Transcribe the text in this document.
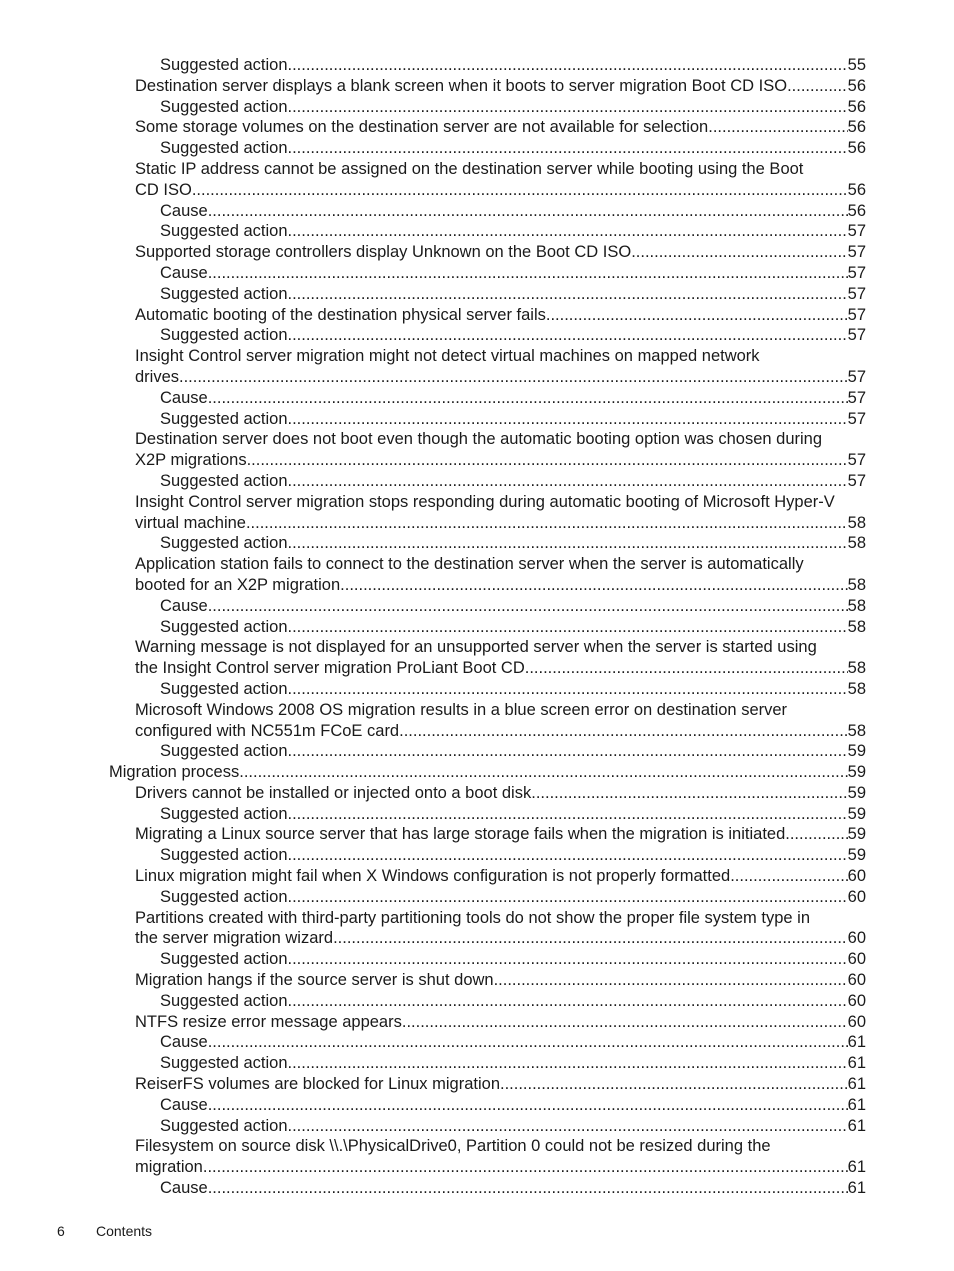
Suggested action .....	55
Destination server displays a blank screen when it boots to server migration Boot CD ISO .....	56
Suggested action .....	56
Some storage volumes on the destination server are not available for selection .....	56
Suggested action .....	56
Static IP address cannot be assigned on the destination server while booting using the Boot
CD ISO .....	56
Cause .....	56
Suggested action .....	57
Supported storage controllers display Unknown on the Boot CD ISO .....	57
Cause .....	57
Suggested action .....	57
Automatic booting of the destination physical server fails .....	57
Suggested action .....	57
Insight Control server migration might not detect virtual machines on mapped network
drives .....	57
Cause .....	57
Suggested action .....	57
Destination server does not boot even though the automatic booting option was chosen during
X2P migrations .....	57
Suggested action .....	57
Insight Control server migration stops responding during automatic booting of Microsoft Hyper-V
virtual machine .....	58
Suggested action .....	58
Application station fails to connect to the destination server when the server is automatically
booted for an X2P migration .....	58
Cause .....	58
Suggested action .....	58
Warning message is not displayed for an unsupported server when the server is started using
the Insight Control server migration ProLiant Boot CD .....	58
Suggested action .....	58
Microsoft Windows 2008 OS migration results in a blue screen error on destination server
configured with NC551m FCoE card .....	58
Suggested action .....	59
Migration process .....	59
Drivers cannot be installed or injected onto a boot disk .....	59
Suggested action .....	59
Migrating a Linux source server that has large storage fails when the migration is initiated .....	59
Suggested action .....	59
Linux migration might fail when X Windows configuration is not properly formatted .....	60
Suggested action .....	60
Partitions created with third-party partitioning tools do not show the proper file system type in
the server migration wizard .....	60
Suggested action .....	60
Migration hangs if the source server is shut down .....	60
Suggested action .....	60
NTFS resize error message appears .....	60
Cause .....	61
Suggested action .....	61
ReiserFS volumes are blocked for Linux migration .....	61
Cause .....	61
Suggested action .....	61
Filesystem on source disk \\.\PhysicalDrive0, Partition 0 could not be resized during the
migration .....	61
Cause .....	61
6 Contents
